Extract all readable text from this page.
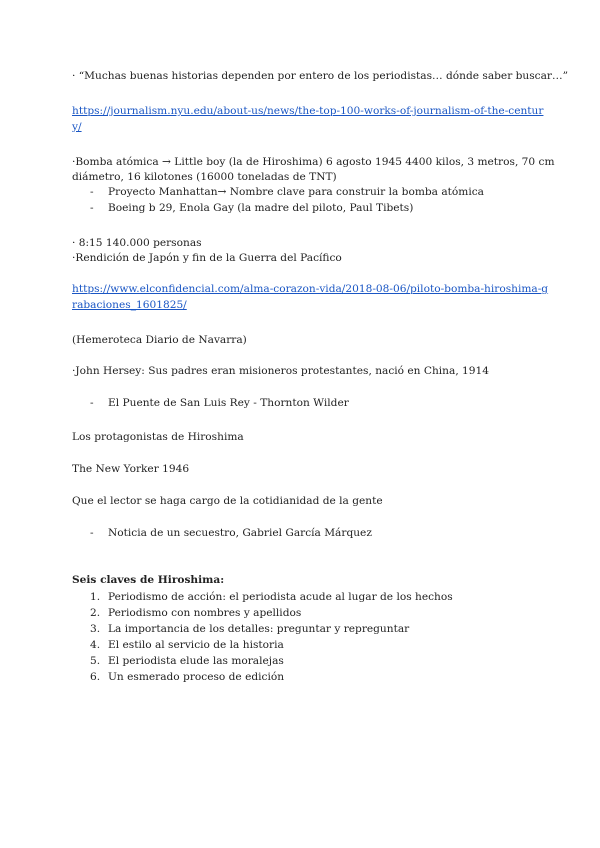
· “Muchas buenas historias dependen por entero de los periodistas… dónde saber buscar…”
https://journalism.nyu.edu/about-us/news/the-top-100-works-of-journalism-of-the-centur
y/
·Bomba atómica → Little boy (la de Hiroshima) 6 agosto 1945 4400 kilos, 3 metros, 70 cm
diámetro, 16 kilotones (16000 toneladas de TNT)
- Proyecto Manhattan→ Nombre clave para construir la bomba atómica
- Boeing b 29, Enola Gay (la madre del piloto, Paul Tibets)
· 8:15 140.000 personas
·Rendición de Japón y fin de la Guerra del Pacífico
https://www.elconfidencial.com/alma-corazon-vida/2018-08-06/piloto-bomba-hiroshima-g
rabaciones_1601825/
(Hemeroteca Diario de Navarra)
·John Hersey: Sus padres eran misioneros protestantes, nació en China, 1914
- El Puente de San Luis Rey - Thornton Wilder
Los protagonistas de Hiroshima
The New Yorker 1946
Que el lector se haga cargo de la cotidianidad de la gente
- Noticia de un secuestro, Gabriel García Márquez
Seis claves de Hiroshima:
1. Periodismo de acción: el periodista acude al lugar de los hechos
2. Periodismo con nombres y apellidos
3. La importancia de los detalles: preguntar y repreguntar
4. El estilo al servicio de la historia
5. El periodista elude las moralejas
6. Un esmerado proceso de edición
